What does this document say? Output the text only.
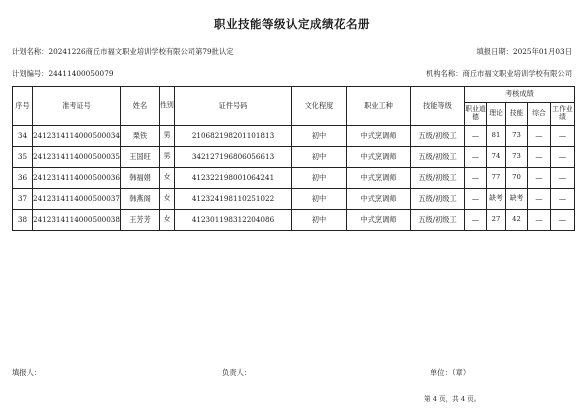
职业技能等级认定成绩花名册
计划名称：20241226商丘市福文职业培训学校有限公司第79批认定	填报日期：2025年01月03日
计划编号：24411400050079	机构名称：商丘市福文职业培训学校有限公司
序号	准考证号	姓名	性别	证件号码	文化程度	职业工种	技能等级	考核成绩				
								职业道德	理论	技能	综合	工作业绩
34	2412314114000500034	栗铁	男	210682198201101813	初中	中式烹调师	五级/初级工	—	81	73	—	—
35	2412314114000500035	王国旺	男	342127196806056613	初中	中式烹调师	五级/初级工	—	74	73	—	—
36	2412314114000500036	韩福娟	女	412322198001064241	初中	中式烹调师	五级/初级工	—	77	70	—	—
37	2412314114000500037	韩燕阁	女	412324198110251022	初中	中式烹调师	五级/初级工	—	缺考	缺考	—	—
38	2412314114000500038	王芳芳	女	412301198312204086	初中	中式烹调师	五级/初级工	—	27	42	—	—
填报人：	负责人：	单位：（章）
第 4 页，共 4 页。
